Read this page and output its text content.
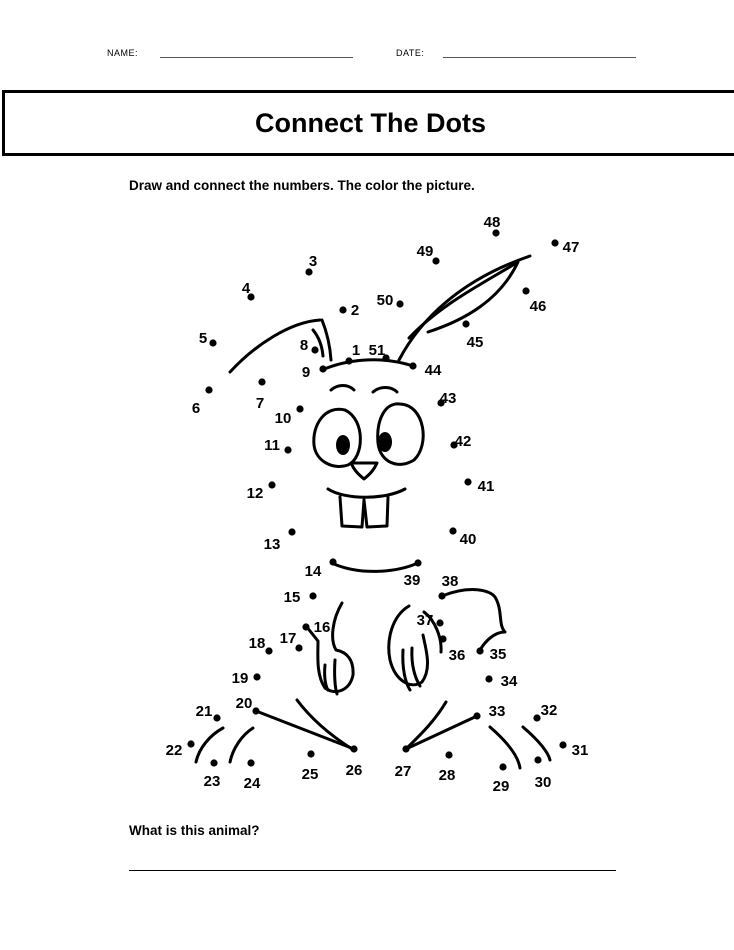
NAME:	DATE:
Connect The Dots
Draw and connect the numbers. The color the picture.
1
2
3
4
5
6	7
8
9
10
11
12
13
14
15
16
17
18
19
20
21
22
23 24
25 26 27 28
29 30
31
32
33
34
35
36
37
38
39
40
41
42
43
44
45
46
47
48
49
50
51
What is this animal?
